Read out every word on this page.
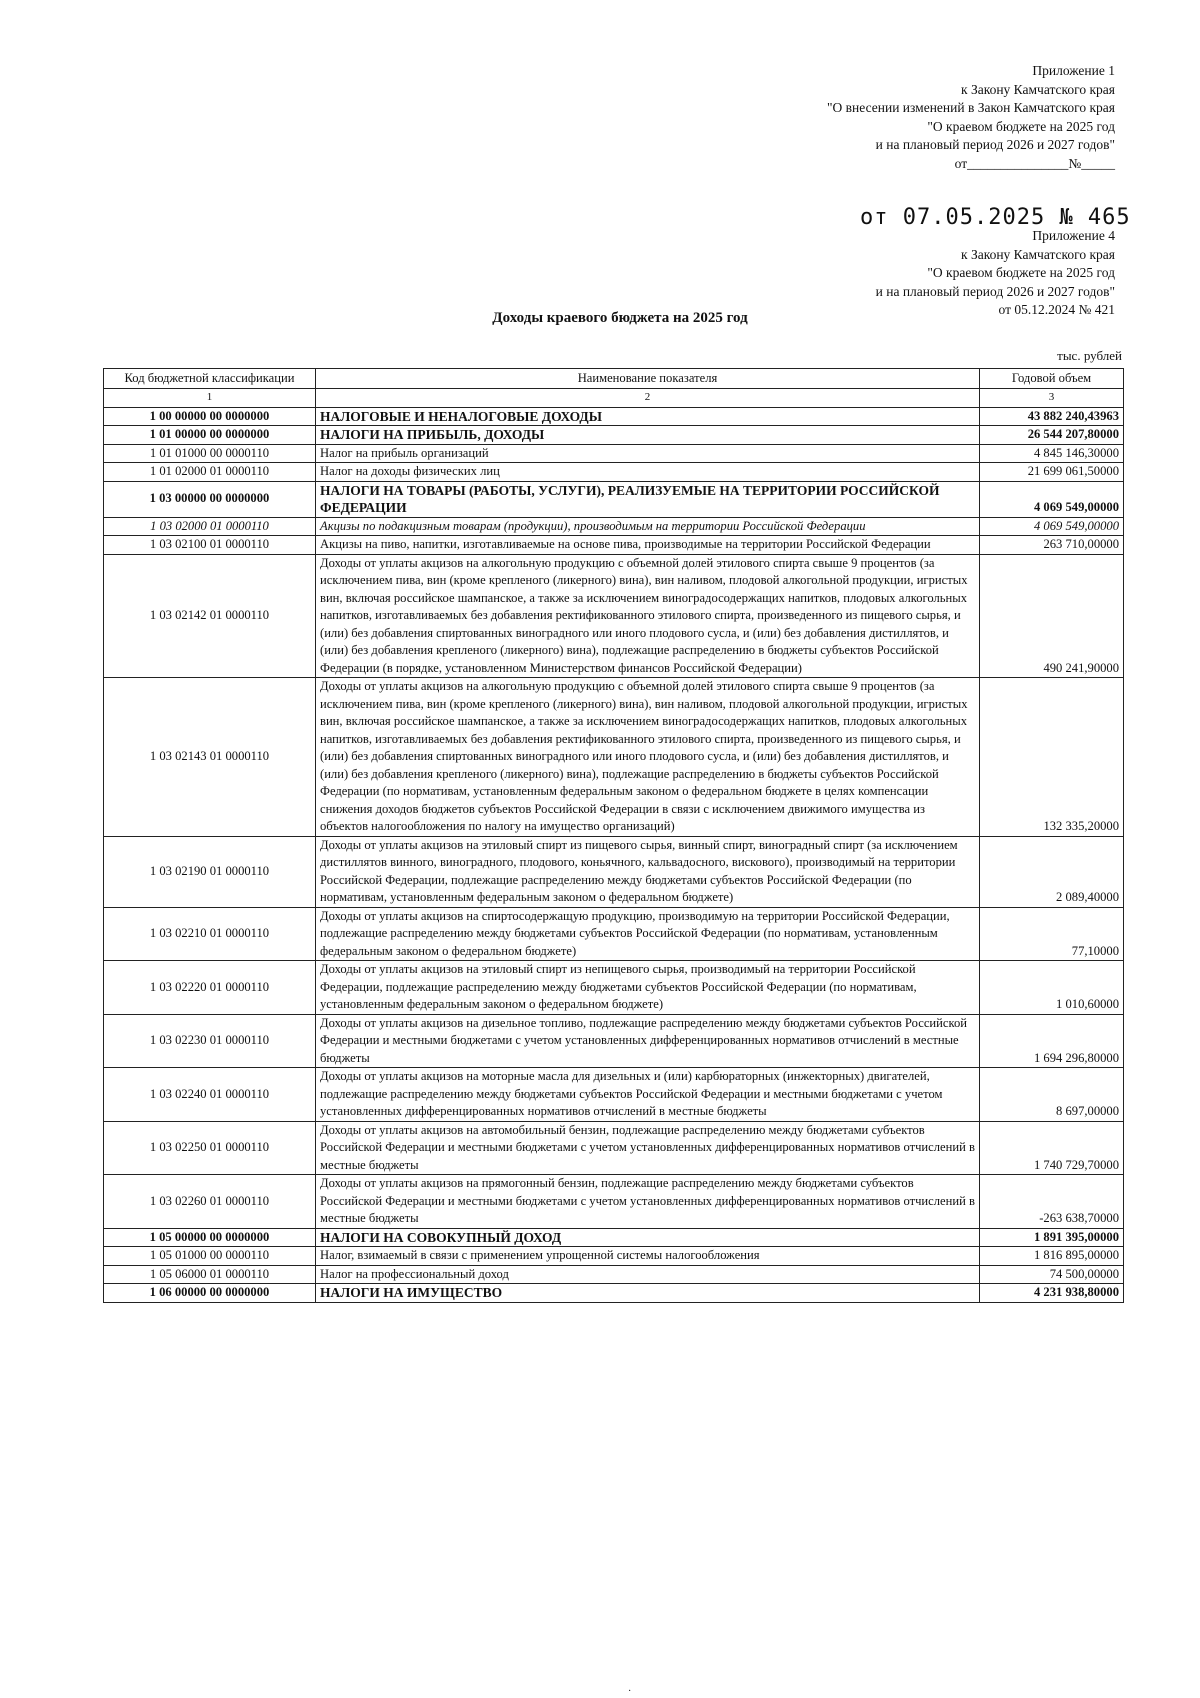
Приложение 1
к Закону Камчатского края
"О внесении изменений в Закон Камчатского края
"О краевом бюджете на 2025 год
и на плановый период 2026 и 2027 годов"
от_______________№_____
от 07.05.2025 № 465
Приложение 4
к Закону Камчатского края
"О краевом бюджете на 2025 год
и на плановый период 2026 и 2027 годов"
от 05.12.2024 № 421
Доходы краевого бюджета на 2025 год
тыс. рублей
Код бюджетной классификации	Наименование показателя	Годовой объем
1	2	3
1 00 00000 00 0000000	НАЛОГОВЫЕ И НЕНАЛОГОВЫЕ ДОХОДЫ	43 882 240,43963
1 01 00000 00 0000000	НАЛОГИ НА ПРИБЫЛЬ, ДОХОДЫ	26 544 207,80000
1 01 01000 00 0000110	Налог на прибыль организаций	4 845 146,30000
1 01 02000 01 0000110	Налог на доходы физических лиц	21 699 061,50000
1 03 00000 00 0000000	НАЛОГИ НА ТОВАРЫ (РАБОТЫ, УСЛУГИ), РЕАЛИЗУЕМЫЕ НА ТЕРРИТОРИИ РОССИЙСКОЙ ФЕДЕРАЦИИ	4 069 549,00000
1 03 02000 01 0000110	Акцизы по подакцизным товарам (продукции), производимым на территории Российской Федерации	4 069 549,00000
1 03 02100 01 0000110	Акцизы на пиво, напитки, изготавливаемые на основе пива, производимые на территории Российской Федерации	263 710,00000
1 03 02142 01 0000110	Доходы от уплаты акцизов на алкогольную продукцию с объемной долей этилового спирта свыше 9 процентов (за исключением пива, вин (кроме крепленого (ликерного) вина), вин наливом, плодовой алкогольной продукции, игристых вин, включая российское шампанское, а также за исключением виноградосодержащих напитков, плодовых алкогольных напитков, изготавливаемых без добавления ректификованного этилового спирта, произведенного из пищевого сырья, и (или) без добавления спиртованных виноградного или иного плодового сусла, и (или) без добавления дистиллятов, и (или) без добавления крепленого (ликерного) вина), подлежащие распределению в бюджеты субъектов Российской Федерации (в порядке, установленном Министерством финансов Российской Федерации)	490 241,90000
1 03 02143 01 0000110	Доходы от уплаты акцизов на алкогольную продукцию с объемной долей этилового спирта свыше 9 процентов (за исключением пива, вин (кроме крепленого (ликерного) вина), вин наливом, плодовой алкогольной продукции, игристых вин, включая российское шампанское, а также за исключением виноградосодержащих напитков, плодовых алкогольных напитков, изготавливаемых без добавления ректификованного этилового спирта, произведенного из пищевого сырья, и (или) без добавления спиртованных виноградного или иного плодового сусла, и (или) без добавления дистиллятов, и (или) без добавления крепленого (ликерного) вина), подлежащие распределению в бюджеты субъектов Российской Федерации (по нормативам, установленным федеральным законом о федеральном бюджете в целях компенсации снижения доходов бюджетов субъектов Российской Федерации в связи с исключением движимого имущества из объектов налогообложения по налогу на имущество организаций)	132 335,20000
1 03 02190 01 0000110	Доходы от уплаты акцизов на этиловый спирт из пищевого сырья, винный спирт, виноградный спирт (за исключением дистиллятов винного, виноградного, плодового, коньячного, кальвадосного, вискового), производимый на территории Российской Федерации, подлежащие распределению между бюджетами субъектов Российской Федерации (по нормативам, установленным федеральным законом о федеральном бюджете)	2 089,40000
1 03 02210 01 0000110	Доходы от уплаты акцизов на спиртосодержащую продукцию, производимую на территории Российской Федерации, подлежащие распределению между бюджетами субъектов Российской Федерации (по нормативам, установленным федеральным законом о федеральном бюджете)	77,10000
1 03 02220 01 0000110	Доходы от уплаты акцизов на этиловый спирт из непищевого сырья, производимый на территории Российской Федерации, подлежащие распределению между бюджетами субъектов Российской Федерации (по нормативам, установленным федеральным законом о федеральном бюджете)	1 010,60000
1 03 02230 01 0000110	Доходы от уплаты акцизов на дизельное топливо, подлежащие распределению между бюджетами субъектов Российской Федерации и местными бюджетами с учетом установленных дифференцированных нормативов отчислений в местные бюджеты	1 694 296,80000
1 03 02240 01 0000110	Доходы от уплаты акцизов на моторные масла для дизельных и (или) карбюраторных (инжекторных) двигателей, подлежащие распределению между бюджетами субъектов Российской Федерации и местными бюджетами с учетом установленных дифференцированных нормативов отчислений в местные бюджеты	8 697,00000
1 03 02250 01 0000110	Доходы от уплаты акцизов на автомобильный бензин, подлежащие распределению между бюджетами субъектов Российской Федерации и местными бюджетами с учетом установленных дифференцированных нормативов отчислений в местные бюджеты	1 740 729,70000
1 03 02260 01 0000110	Доходы от уплаты акцизов на прямогонный бензин, подлежащие распределению между бюджетами субъектов Российской Федерации и местными бюджетами с учетом установленных дифференцированных нормативов отчислений в местные бюджеты	-263 638,70000
1 05 00000 00 0000000	НАЛОГИ НА СОВОКУПНЫЙ ДОХОД	1 891 395,00000
1 05 01000 00 0000110	Налог, взимаемый в связи с применением упрощенной системы налогообложения	1 816 895,00000
1 05 06000 01 0000110	Налог на профессиональный доход	74 500,00000
1 06 00000 00 0000000	НАЛОГИ НА ИМУЩЕСТВО	4 231 938,80000
·
